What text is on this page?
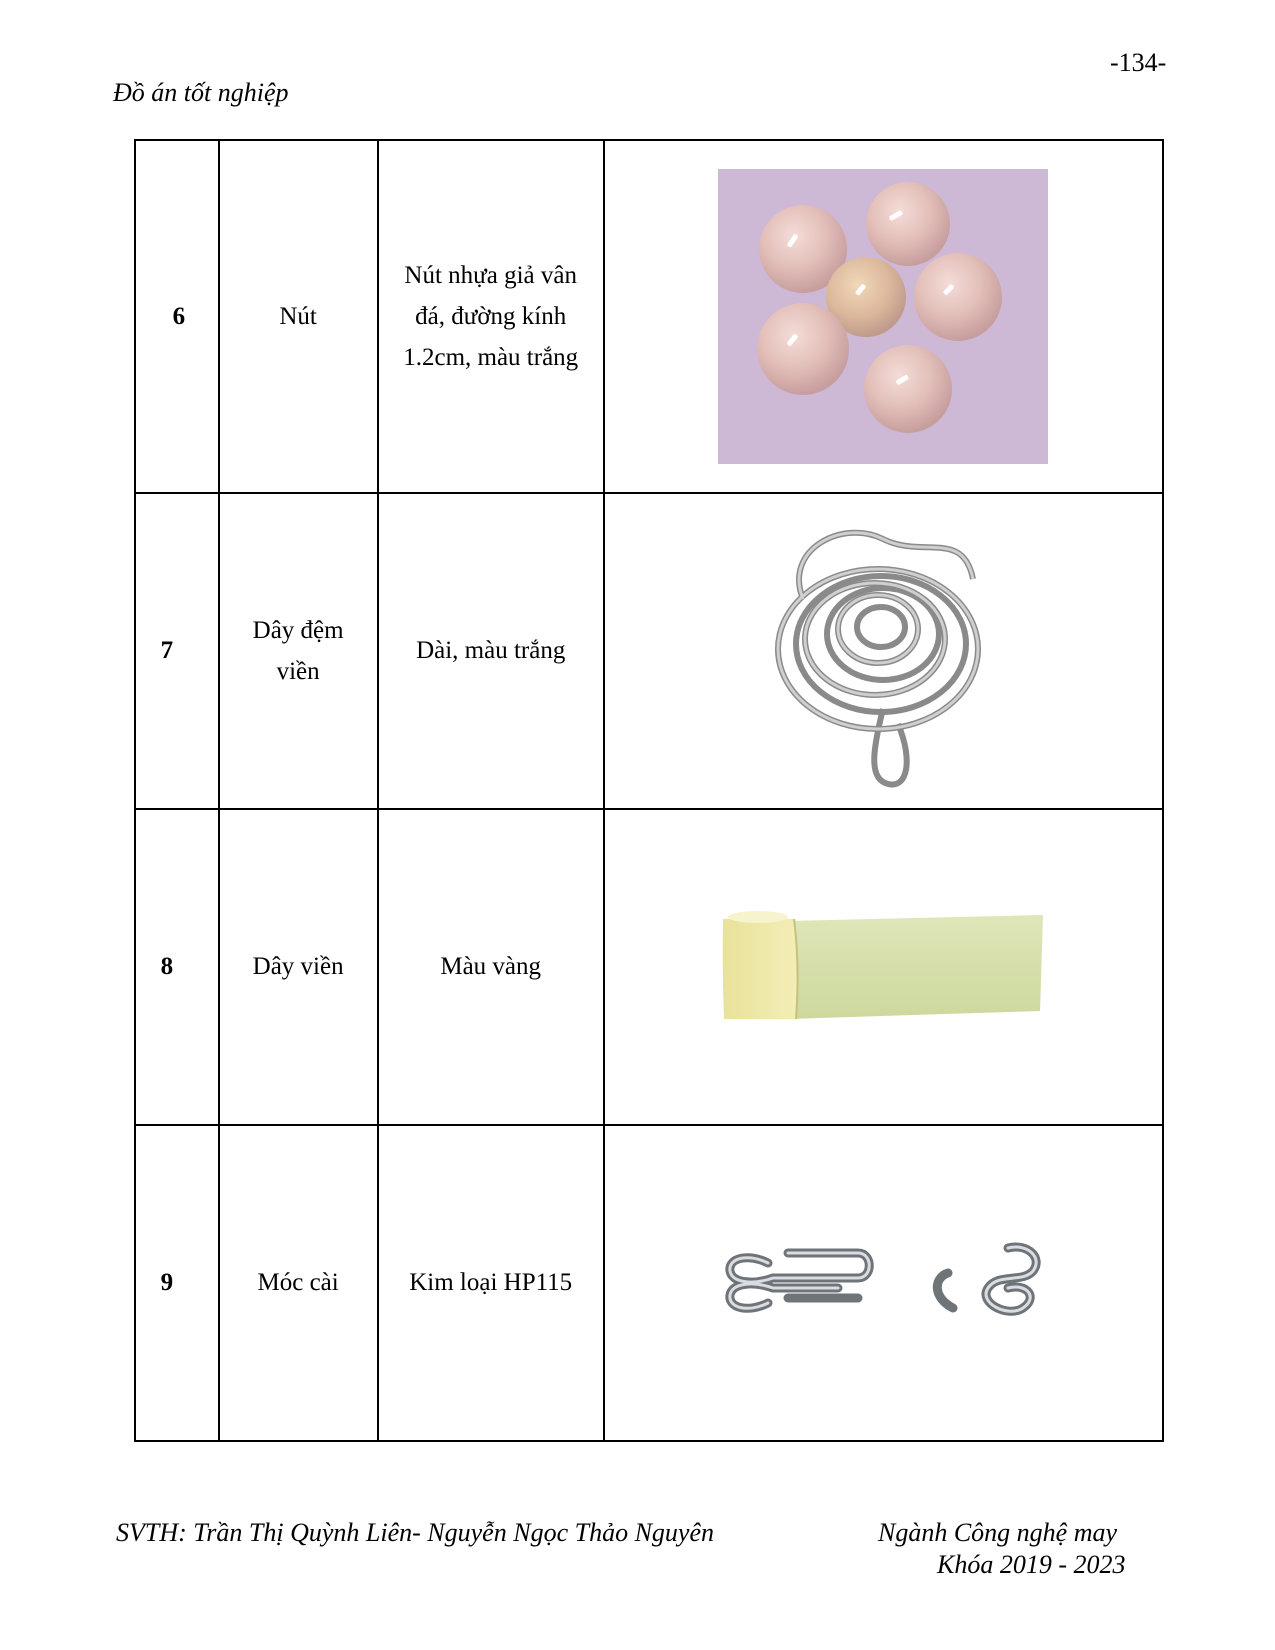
-134-
Đồ án tốt nghiệp
6	Nút	Nút nhựa giả vân đá, đường kính 1.2cm, màu trắng

7	Dây đệm viền	Dài, màu trắng	

8	Dây viền	Màu vàng	

9	Móc cài	Kim loại HP115	
SVTH: Trần Thị Quỳnh Liên- Nguyễn Ngọc Thảo Nguyên	Ngành Công nghệ may
Khóa 2019 - 2023
